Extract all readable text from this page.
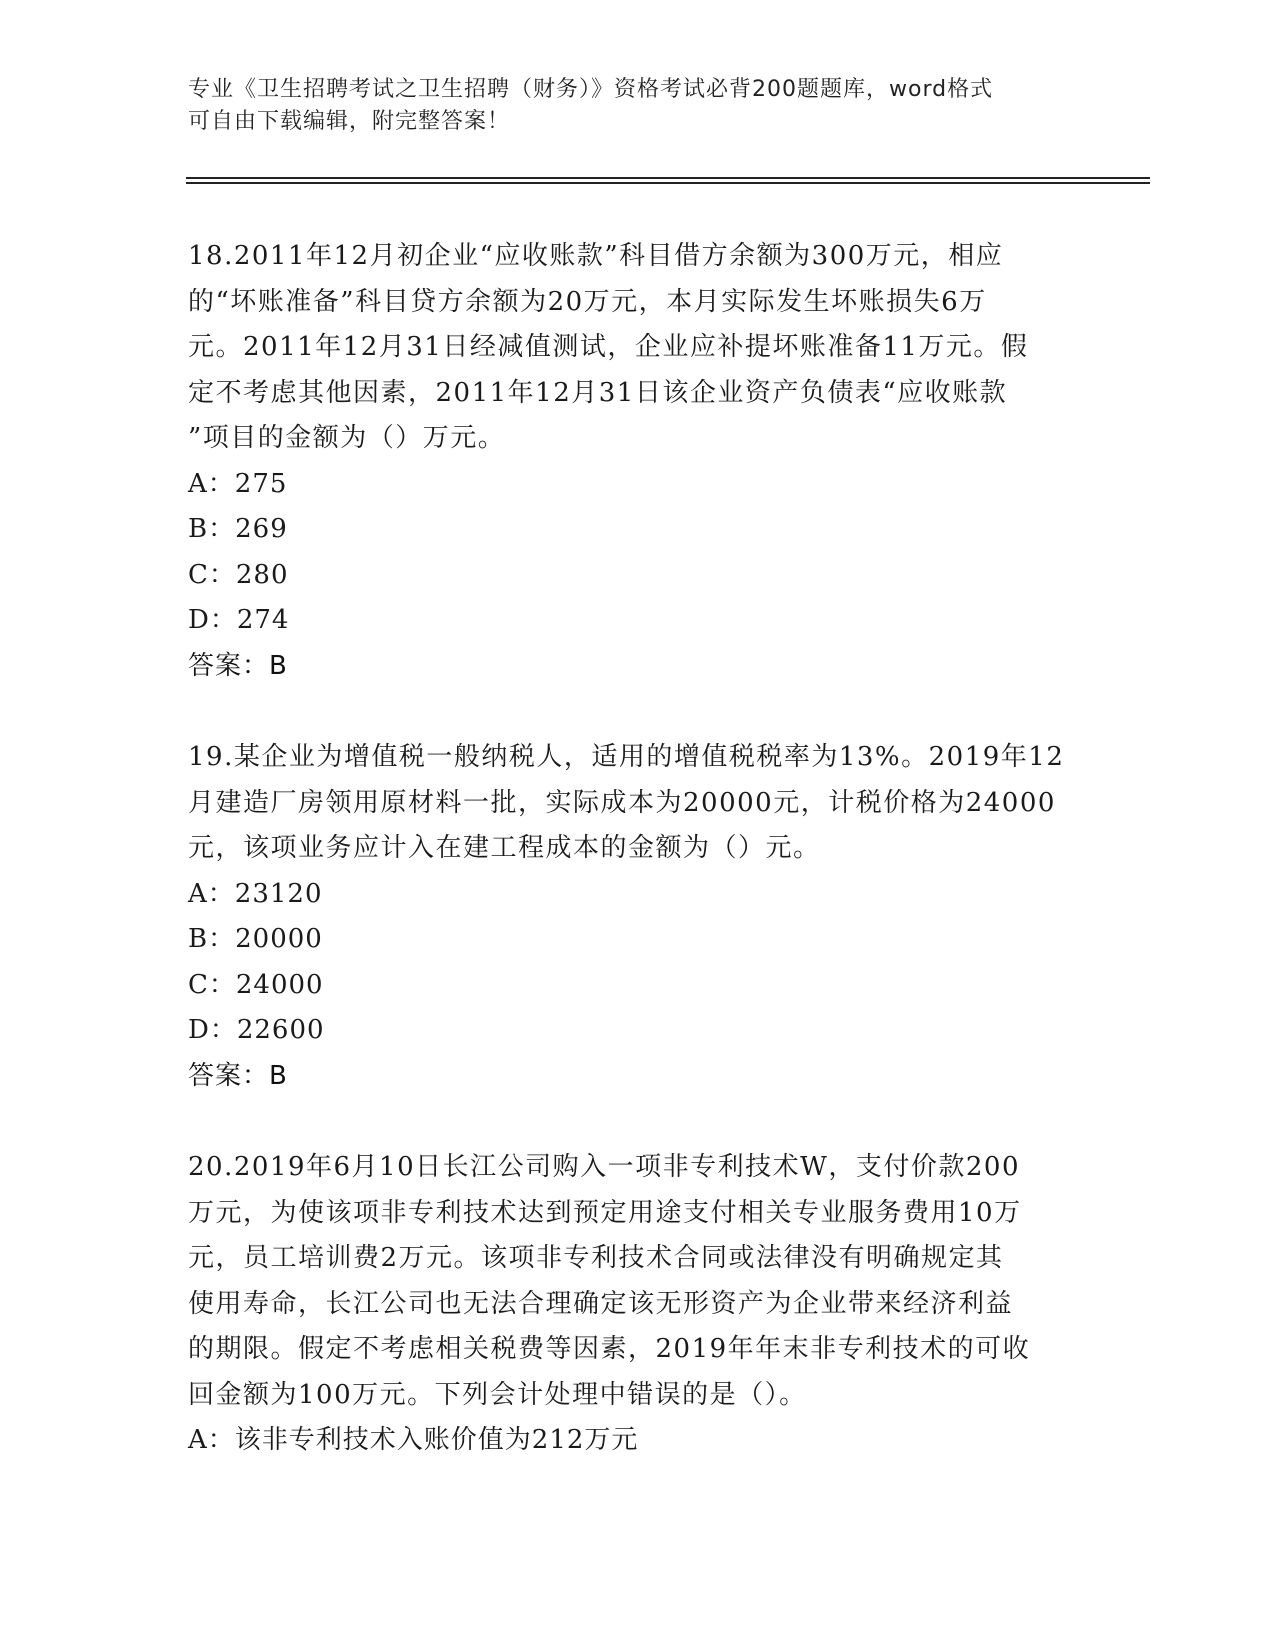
专业《卫生招聘考试之卫生招聘（财务）》资格考试必背200题题库，word格式
可自由下载编辑，附完整答案！
18.2011年12月初企业“应收账款”科目借方余额为300万元，相应
的“坏账准备”科目贷方余额为20万元，本月实际发生坏账损失6万
元。2011年12月31日经减值测试，企业应补提坏账准备11万元。假
定不考虑其他因素，2011年12月31日该企业资产负债表“应收账款
”项目的金额为（）万元。
A：275
B：269
C：280
D：274
答案：B
19.某企业为增值税一般纳税人，适用的增值税税率为13%。2019年12
月建造厂房领用原材料一批，实际成本为20000元，计税价格为24000
元，该项业务应计入在建工程成本的金额为（）元。
A：23120
B：20000
C：24000
D：22600
答案：B
20.2019年6月10日长江公司购入一项非专利技术W，支付价款200
万元，为使该项非专利技术达到预定用途支付相关专业服务费用10万
元，员工培训费2万元。该项非专利技术合同或法律没有明确规定其
使用寿命，长江公司也无法合理确定该无形资产为企业带来经济利益
的期限。假定不考虑相关税费等因素，2019年年末非专利技术的可收
回金额为100万元。下列会计处理中错误的是（）。
A：该非专利技术入账价值为212万元
